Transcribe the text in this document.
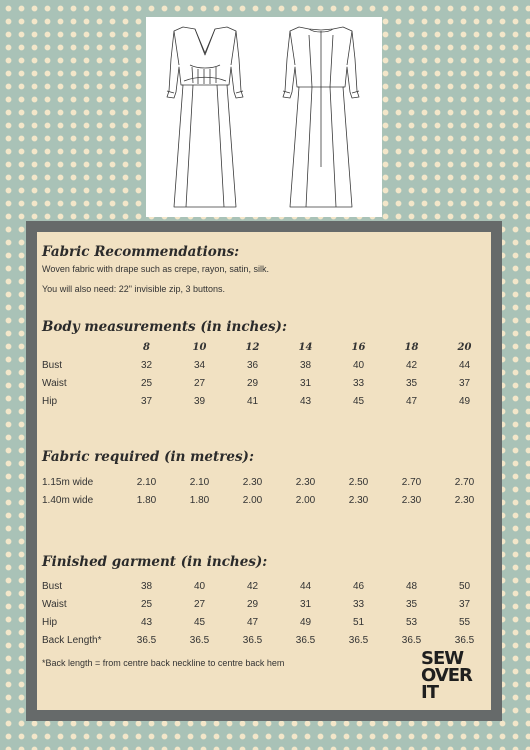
Fabric Recommendations:
Woven fabric with drape such as crepe, rayon, satin, silk.
You will also need: 22" invisible zip, 3 buttons.
Body measurements (in inches):
	8	10	12	14	16	18	20
Bust	32	34	36	38	40	42	44
Waist	25	27	29	31	33	35	37
Hip	37	39	41	43	45	47	49
Fabric required (in metres):
1.15m wide	2.10	2.10	2.30	2.30	2.50	2.70	2.70
1.40m wide	1.80	1.80	2.00	2.00	2.30	2.30	2.30
Finished garment (in inches):
Bust	38	40	42	44	46	48	50
Waist	25	27	29	31	33	35	37
Hip	43	45	47	49	51	53	55
Back Length*	36.5	36.5	36.5	36.5	36.5	36.5	36.5
*Back length = from centre back neckline to centre back hem	SEW
OVER
IT
